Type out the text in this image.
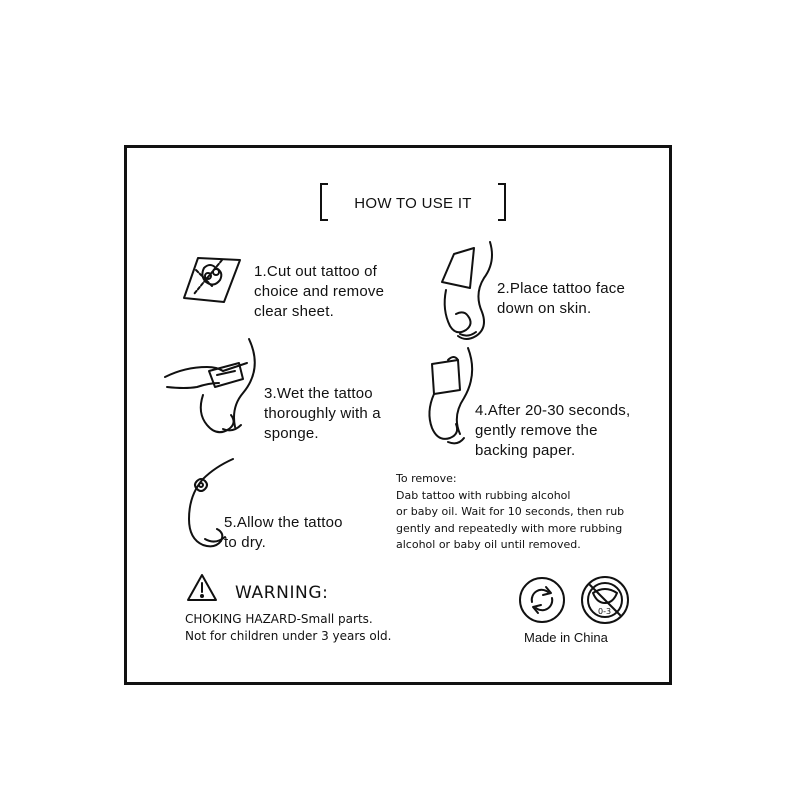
HOW TO USE IT
1.Cut out tattoo of
choice and remove
clear sheet.
2.Place tattoo face
down on skin.
3.Wet the tattoo
thoroughly with a
sponge.
4.After 20-30 seconds,
gently remove the
backing paper.
5.Allow the tattoo
to dry.
To remove:
Dab tattoo with rubbing alcohol
or baby oil. Wait for 10 seconds, then rub
gently and repeatedly with more rubbing
alcohol or baby oil until removed.
WARNING:
CHOKING HAZARD-Small parts.
Not for children under 3 years old.
0-3
Made in China
